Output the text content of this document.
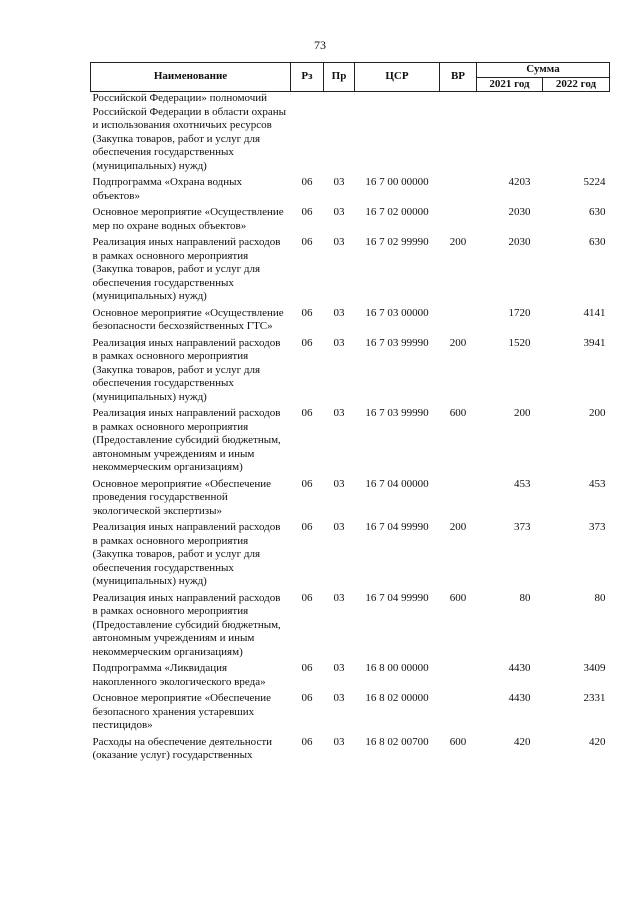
73
Наименование	Рз	Пр	ЦСР	ВР	Сумма	
					2021 год	2022 год
Российской Федерации» полномочий Российской Федерации в области охраны и использования охотничьих ресурсов (Закупка товаров, работ и услуг для обеспечения государственных (муниципальных) нужд)						
Подпрограмма «Охрана водных объектов»	06	03	16 7 00 00000		4203	5224
Основное мероприятие «Осуществление мер по охране водных объектов»	06	03	16 7 02 00000		2030	630
Реализация иных направлений расходов в рамках основного мероприятия (Закупка товаров, работ и услуг для обеспечения государственных (муниципальных) нужд)	06	03	16 7 02 99990	200	2030	630
Основное мероприятие «Осуществление безопасности бесхозяйственных ГТС»	06	03	16 7 03 00000		1720	4141
Реализация иных направлений расходов в рамках основного мероприятия (Закупка товаров, работ и услуг для обеспечения государственных (муниципальных) нужд)	06	03	16 7 03 99990	200	1520	3941
Реализация иных направлений расходов в рамках основного мероприятия (Предоставление субсидий бюджетным, автономным учреждениям и иным некоммерческим организациям)	06	03	16 7 03 99990	600	200	200
Основное мероприятие «Обеспечение проведения государственной экологической экспертизы»	06	03	16 7 04 00000		453	453
Реализация иных направлений расходов в рамках основного мероприятия (Закупка товаров, работ и услуг для обеспечения государственных (муниципальных) нужд)	06	03	16 7 04 99990	200	373	373
Реализация иных направлений расходов в рамках основного мероприятия (Предоставление субсидий бюджетным, автономным учреждениям и иным некоммерческим организациям)	06	03	16 7 04 99990	600	80	80
Подпрограмма «Ликвидация накопленного экологического вреда»	06	03	16 8 00 00000		4430	3409
Основное мероприятие «Обеспечение безопасного хранения устаревших пестицидов»	06	03	16 8 02 00000		4430	2331
Расходы на обеспечение деятельности (оказание услуг) государственных	06	03	16 8 02 00700	600	420	420
